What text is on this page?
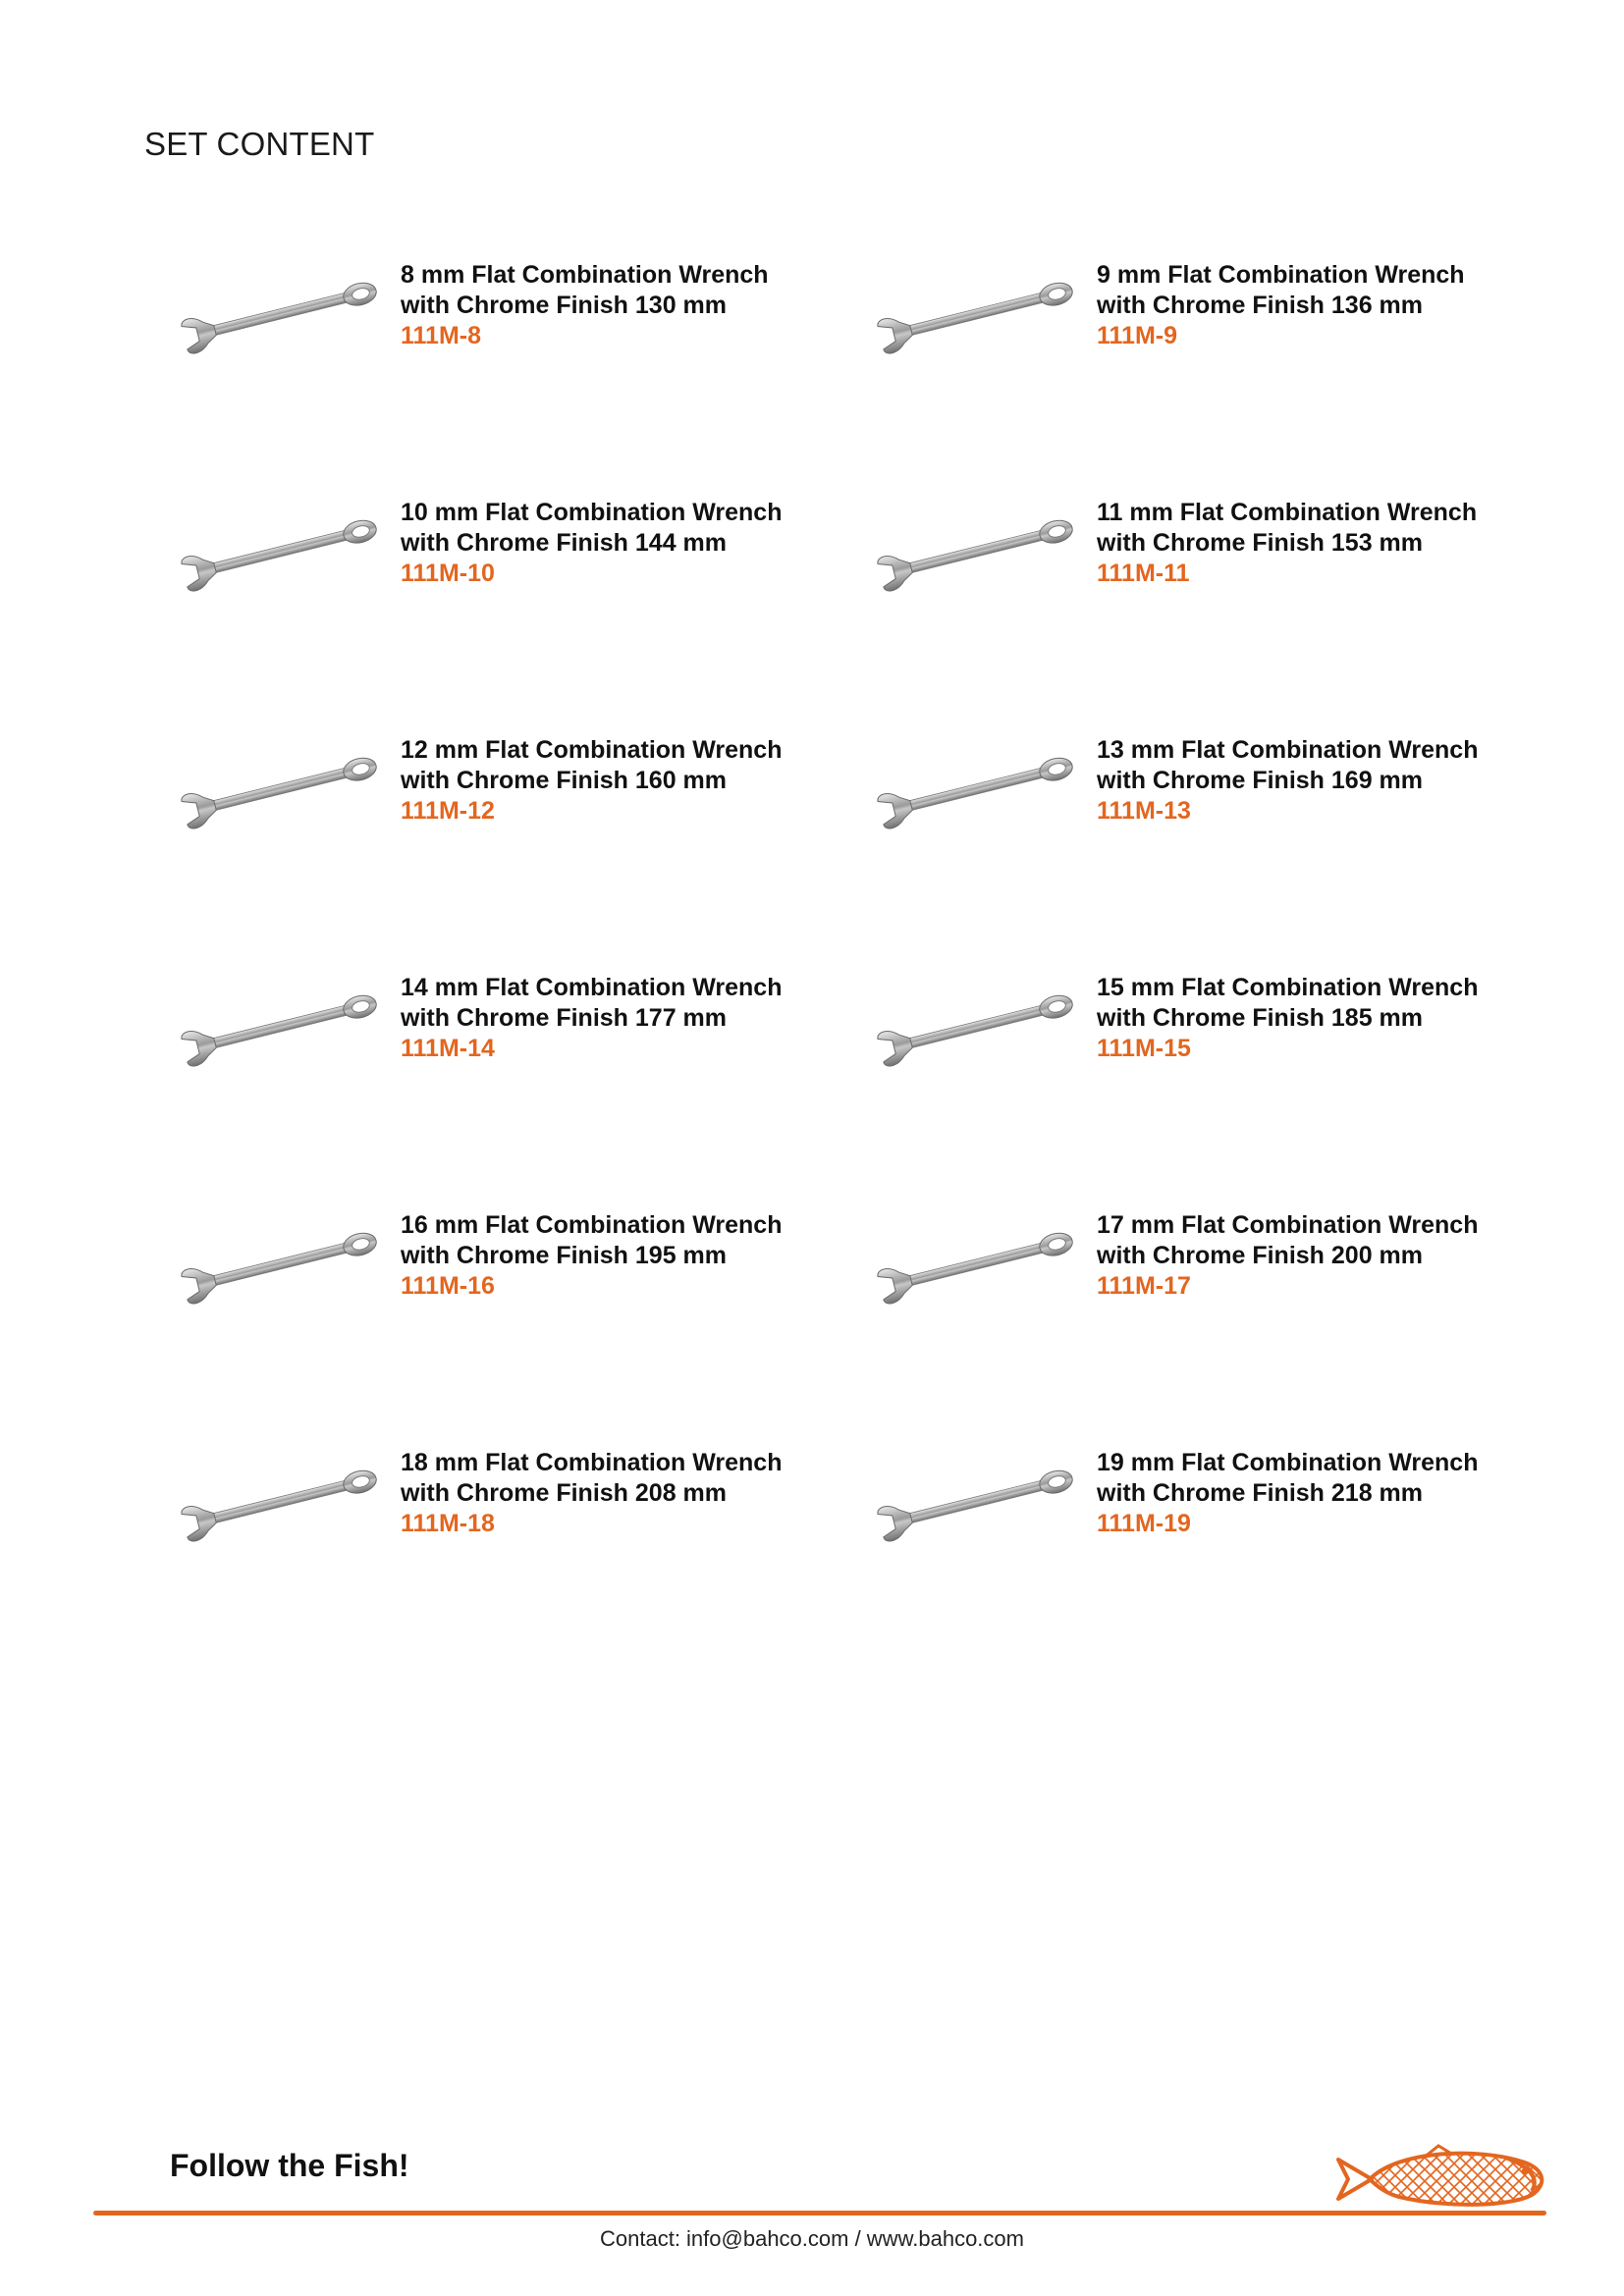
SET CONTENT
8 mm Flat Combination Wrench
with Chrome Finish 130 mm
111M-8
9 mm Flat Combination Wrench
with Chrome Finish 136 mm
111M-9
10 mm Flat Combination Wrench
with Chrome Finish 144 mm
111M-10
11 mm Flat Combination Wrench
with Chrome Finish 153 mm
111M-11
12 mm Flat Combination Wrench
with Chrome Finish 160 mm
111M-12
13 mm Flat Combination Wrench
with Chrome Finish 169 mm
111M-13
14 mm Flat Combination Wrench
with Chrome Finish 177 mm
111M-14
15 mm Flat Combination Wrench
with Chrome Finish 185 mm
111M-15
16 mm Flat Combination Wrench
with Chrome Finish 195 mm
111M-16
17 mm Flat Combination Wrench
with Chrome Finish 200 mm
111M-17
18 mm Flat Combination Wrench
with Chrome Finish 208 mm
111M-18
19 mm Flat Combination Wrench
with Chrome Finish 218 mm
111M-19
Follow the Fish!
Contact: info@bahco.com / www.bahco.com
